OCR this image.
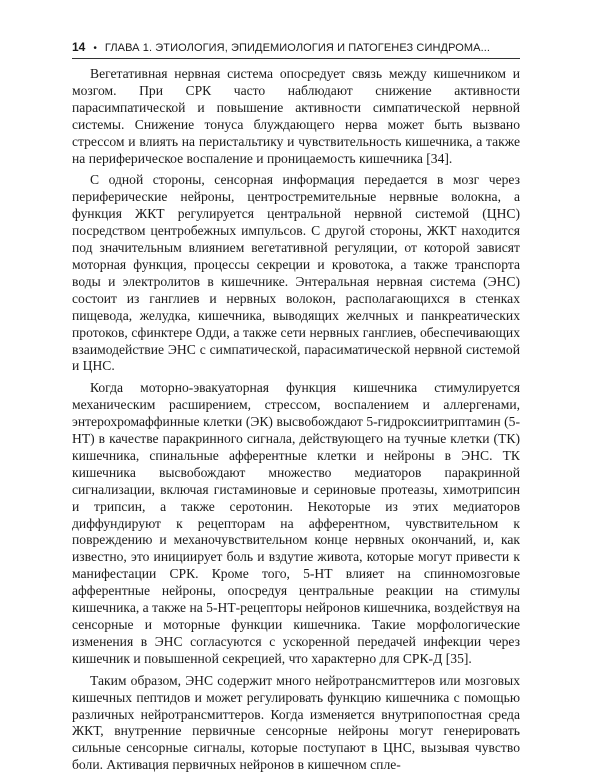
14 • ГЛАВА 1. ЭТИОЛОГИЯ, ЭПИДЕМИОЛОГИЯ И ПАТОГЕНЕЗ СИНДРОМА...

Вегетативная нервная система опосредует связь между кишечником и мозгом. При СРК часто наблюдают снижение активности парасимпатической и повышение активности симпатической нервной системы. Снижение тонуса блуждающего нерва может быть вызвано стрессом и влиять на перистальтику и чувствительность кишечника, а также на периферическое воспаление и проницаемость кишечника [34].

С одной стороны, сенсорная информация передается в мозг через периферические нейроны, центростремительные нервные волокна, а функция ЖКТ регулируется центральной нервной системой (ЦНС) посредством центробежных импульсов. С другой стороны, ЖКТ находится под значительным влиянием вегетативной регуляции, от которой зависят моторная функция, процессы секреции и кровотока, а также транспорта воды и электролитов в кишечнике. Энтеральная нервная система (ЭНС) состоит из ганглиев и нервных волокон, располагающихся в стенках пищевода, желудка, кишечника, выводящих желчных и панкреатических протоков, сфинктере Одди, а также сети нервных ганглиев, обеспечивающих взаимодействие ЭНС с симпатической, парасиматической нервной системой и ЦНС.

Когда моторно-эвакуаторная функция кишечника стимулируется механическим расширением, стрессом, воспалением и аллергенами, энтерохромаффинные клетки (ЭК) высвобождают 5-гидроксиитриптамин (5-НТ) в качестве паракринного сигнала, действующего на тучные клетки (ТК) кишечника, спинальные афферентные клетки и нейроны в ЭНС. ТК кишечника высвобождают множество медиаторов паракринной сигнализации, включая гистаминовые и сериновые протеазы, химотрипсин и трипсин, а также серотонин. Некоторые из этих медиаторов диффундируют к рецепторам на афферентном, чувствительном к повреждению и механочувствительном конце нервных окончаний, и, как известно, это инициирует боль и вздутие живота, которые могут привести к манифестации СРК. Кроме того, 5-НТ влияет на спинномозговые афферентные нейроны, опосредуя центральные реакции на стимулы кишечника, а также на 5-НТ-рецепторы нейронов кишечника, воздействуя на сенсорные и моторные функции кишечника. Такие морфологические изменения в ЭНС согласуются с ускоренной передачей инфекции через кишечник и повышенной секрецией, что характерно для СРК-Д [35].

Таким образом, ЭНС содержит много нейротрансмиттеров или мозговых кишечных пептидов и может регулировать функцию кишечника с помощью различных нейротрансмиттеров. Когда изменяется внутрипопостная среда ЖКТ, внутренние первичные сенсорные нейроны могут генерировать сильные сенсорные сигналы, которые поступают в ЦНС, вызывая чувство боли. Активация первичных нейронов в кишечном спле-
